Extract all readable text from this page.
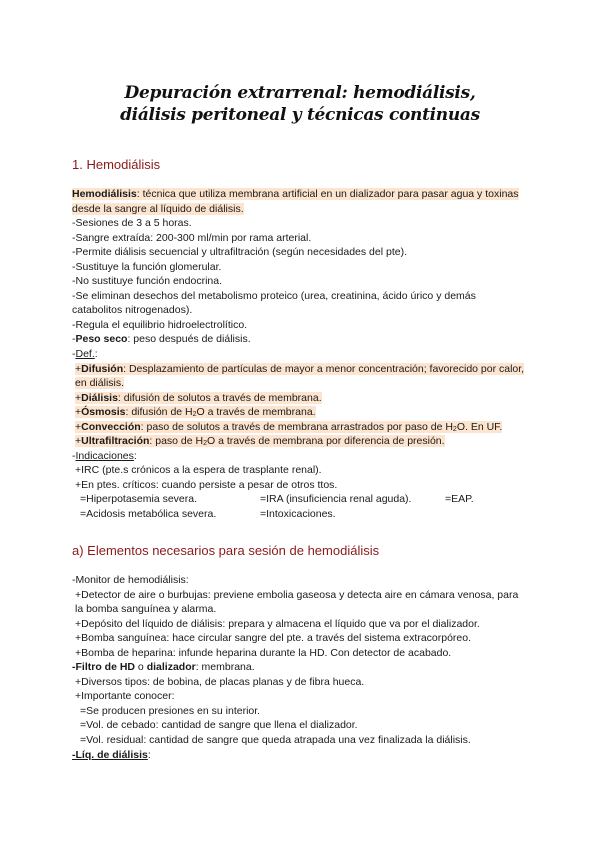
Depuración extrarrenal: hemodiálisis,
diálisis peritoneal y técnicas continuas
1. Hemodiálisis
Hemodiálisis: técnica que utiliza membrana artificial en un dializador para pasar agua y toxinas desde la sangre al líquido de diálisis.
-Sesiones de 3 a 5 horas.
-Sangre extraída: 200-300 ml/min por rama arterial.
-Permite diálisis secuencial y ultrafiltración (según necesidades del pte).
-Sustituye la función glomerular.
-No sustituye función endocrina.
-Se eliminan desechos del metabolismo proteico (urea, creatinina, ácido úrico y demás catabolitos nitrogenados).
-Regula el equilibrio hidroelectrolítico.
-Peso seco: peso después de diálisis.
-Def.:
+Difusión: Desplazamiento de partículas de mayor a menor concentración; favorecido por calor, en diálisis.
+Diálisis: difusión de solutos a través de membrana.
+Ósmosis: difusión de $H_2O$ a través de membrana.
+Convección: paso de solutos a través de membrana arrastrados por paso de $H_2O$. En UF.
+Ultrafiltración: paso de $H_2O$ a través de membrana por diferencia de presión.
-Indicaciones:
+IRC (pte.s crónicos a la espera de trasplante renal).
+En ptes. críticos: cuando persiste a pesar de otros ttos.
=Hiperpotasemia severa.	=IRA (insuficiencia renal aguda).	=EAP.
=Acidosis metabólica severa.	=Intoxicaciones.
a) Elementos necesarios para sesión de hemodiálisis
-Monitor de hemodiálisis:
+Detector de aire o burbujas: previene embolia gaseosa y detecta aire en cámara venosa, para la bomba sanguínea y alarma.
+Depósito del líquido de diálisis: prepara y almacena el líquido que va por el dializador.
+Bomba sanguínea: hace circular sangre del pte. a través del sistema extracorpóreo.
+Bomba de heparina: infunde heparina durante la HD. Con detector de acabado.
-Filtro de HD o dializador: membrana.
+Diversos tipos: de bobina, de placas planas y de fibra hueca.
+Importante conocer:
=Se producen presiones en su interior.
=Vol. de cebado: cantidad de sangre que llena el dializador.
=Vol. residual: cantidad de sangre que queda atrapada una vez finalizada la diálisis.
-Líq. de diálisis:
